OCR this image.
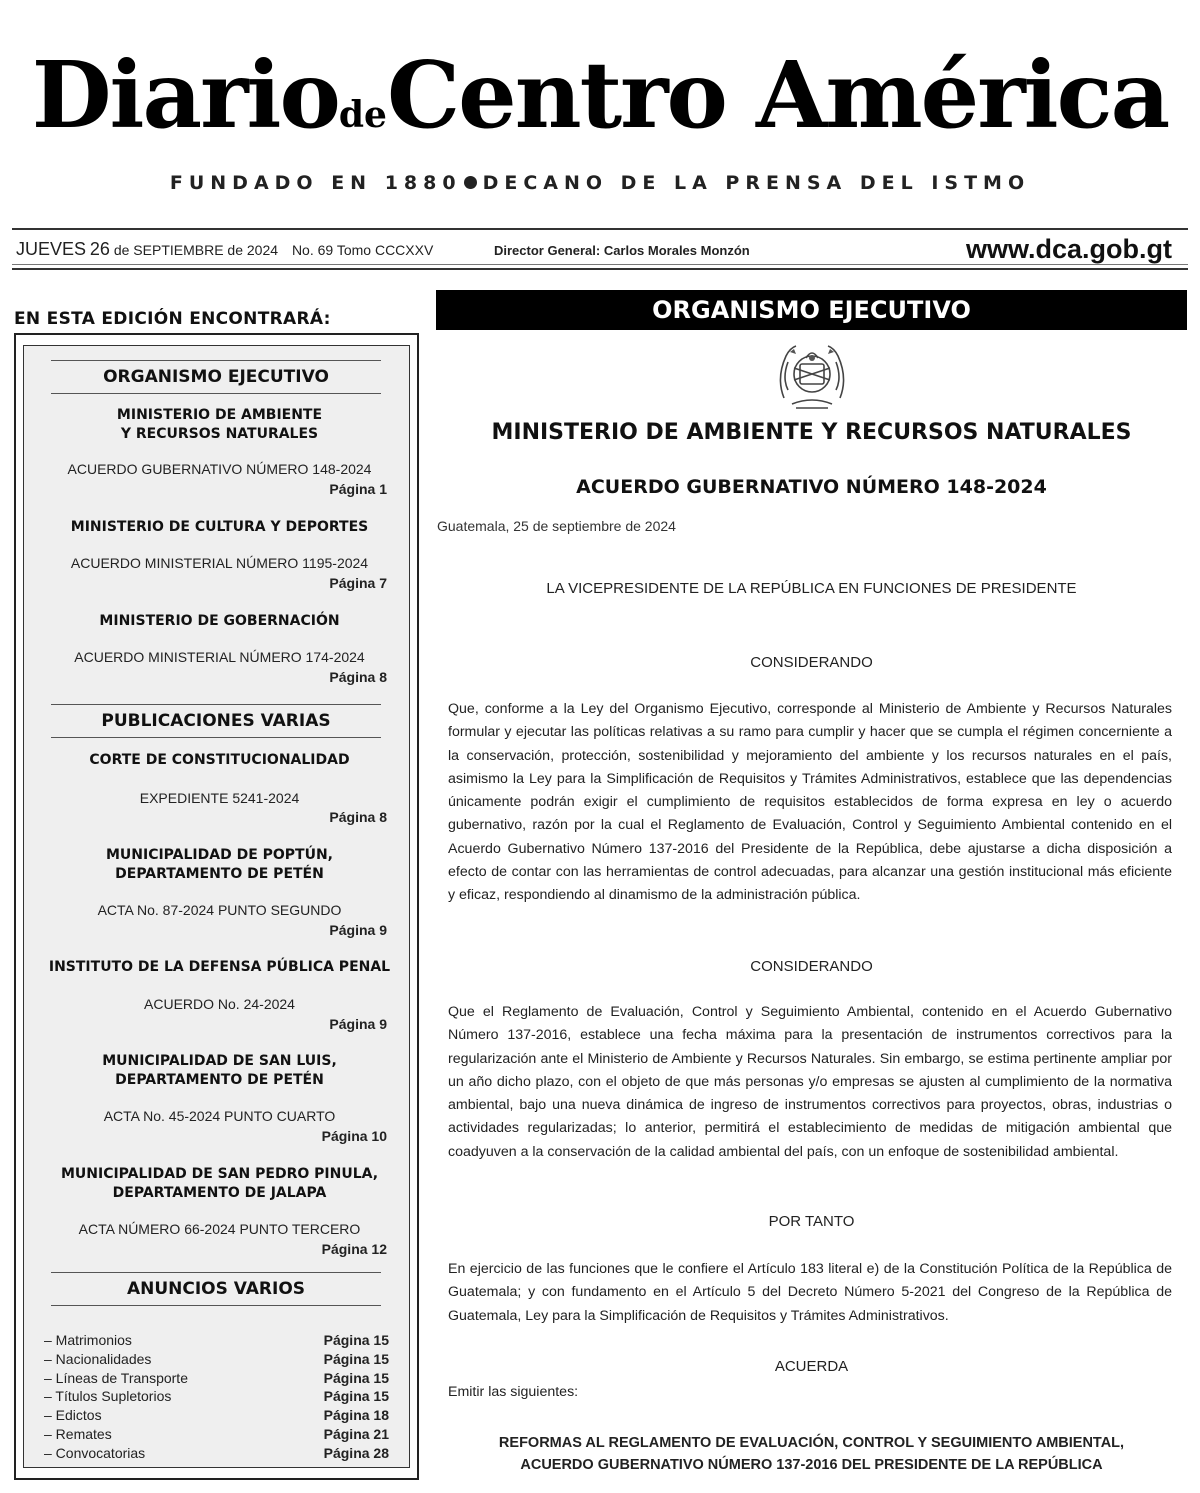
DiariodeCentro América
FUNDADO EN 1880 DECANO DE LA PRENSA DEL ISTMO
JUEVES 26 de SEPTIEMBRE de 2024 No. 69 Tomo CCCXXV	Director General: Carlos Morales Monzón	www.dca.gob.gt
EN ESTA EDICIÓN ENCONTRARÁ:
ORGANISMO EJECUTIVO
MINISTERIO DE AMBIENTE
Y RECURSOS NATURALES
ACUERDO GUBERNATIVO NÚMERO 148-2024
Página 1
MINISTERIO DE CULTURA Y DEPORTES
ACUERDO MINISTERIAL NÚMERO 1195-2024
Página 7
MINISTERIO DE GOBERNACIÓN
ACUERDO MINISTERIAL NÚMERO 174-2024
Página 8
PUBLICACIONES VARIAS
CORTE DE CONSTITUCIONALIDAD
EXPEDIENTE 5241-2024
Página 8
MUNICIPALIDAD DE POPTÚN,
DEPARTAMENTO DE PETÉN
ACTA No. 87-2024 PUNTO SEGUNDO
Página 9
INSTITUTO DE LA DEFENSA PÚBLICA PENAL
ACUERDO No. 24-2024
Página 9
MUNICIPALIDAD DE SAN LUIS,
DEPARTAMENTO DE PETÉN
ACTA No. 45-2024 PUNTO CUARTO
Página 10
MUNICIPALIDAD DE SAN PEDRO PINULA,
DEPARTAMENTO DE JALAPA
ACTA NÚMERO 66-2024 PUNTO TERCERO
Página 12
ANUNCIOS VARIOS
– Matrimonios	Página 15
– Nacionalidades	Página 15
– Líneas de Transporte	Página 15
– Títulos Supletorios	Página 15
– Edictos	Página 18
– Remates	Página 21
– Convocatorias	Página 28
ORGANISMO EJECUTIVO
MINISTERIO DE AMBIENTE Y RECURSOS NATURALES
ACUERDO GUBERNATIVO NÚMERO 148-2024
Guatemala, 25 de septiembre de 2024
LA VICEPRESIDENTE DE LA REPÚBLICA EN FUNCIONES DE PRESIDENTE
CONSIDERANDO
Que, conforme a la Ley del Organismo Ejecutivo, corresponde al Ministerio de Ambiente y Recursos Naturales formular y ejecutar las políticas relativas a su ramo para cumplir y hacer que se cumpla el régimen concerniente a la conservación, protección, sostenibilidad y mejoramiento del ambiente y los recursos naturales en el país, asimismo la Ley para la Simplificación de Requisitos y Trámites Administrativos, establece que las dependencias únicamente podrán exigir el cumplimiento de requisitos establecidos de forma expresa en ley o acuerdo gubernativo, razón por la cual el Reglamento de Evaluación, Control y Seguimiento Ambiental contenido en el Acuerdo Gubernativo Número 137-2016 del Presidente de la República, debe ajustarse a dicha disposición a efecto de contar con las herramientas de control adecuadas, para alcanzar una gestión institucional más eficiente y eficaz, respondiendo al dinamismo de la administración pública.
CONSIDERANDO
Que el Reglamento de Evaluación, Control y Seguimiento Ambiental, contenido en el Acuerdo Gubernativo Número 137-2016, establece una fecha máxima para la presentación de instrumentos correctivos para la regularización ante el Ministerio de Ambiente y Recursos Naturales. Sin embargo, se estima pertinente ampliar por un año dicho plazo, con el objeto de que más personas y/o empresas se ajusten al cumplimiento de la normativa ambiental, bajo una nueva dinámica de ingreso de instrumentos correctivos para proyectos, obras, industrias o actividades regularizadas; lo anterior, permitirá el establecimiento de medidas de mitigación ambiental que coadyuven a la conservación de la calidad ambiental del país, con un enfoque de sostenibilidad ambiental.
POR TANTO
En ejercicio de las funciones que le confiere el Artículo 183 literal e) de la Constitución Política de la República de Guatemala; y con fundamento en el Artículo 5 del Decreto Número 5-2021 del Congreso de la República de Guatemala, Ley para la Simplificación de Requisitos y Trámites Administrativos.
ACUERDA
Emitir las siguientes:
REFORMAS AL REGLAMENTO DE EVALUACIÓN, CONTROL Y SEGUIMIENTO AMBIENTAL,
ACUERDO GUBERNATIVO NÚMERO 137-2016 DEL PRESIDENTE DE LA REPÚBLICA
